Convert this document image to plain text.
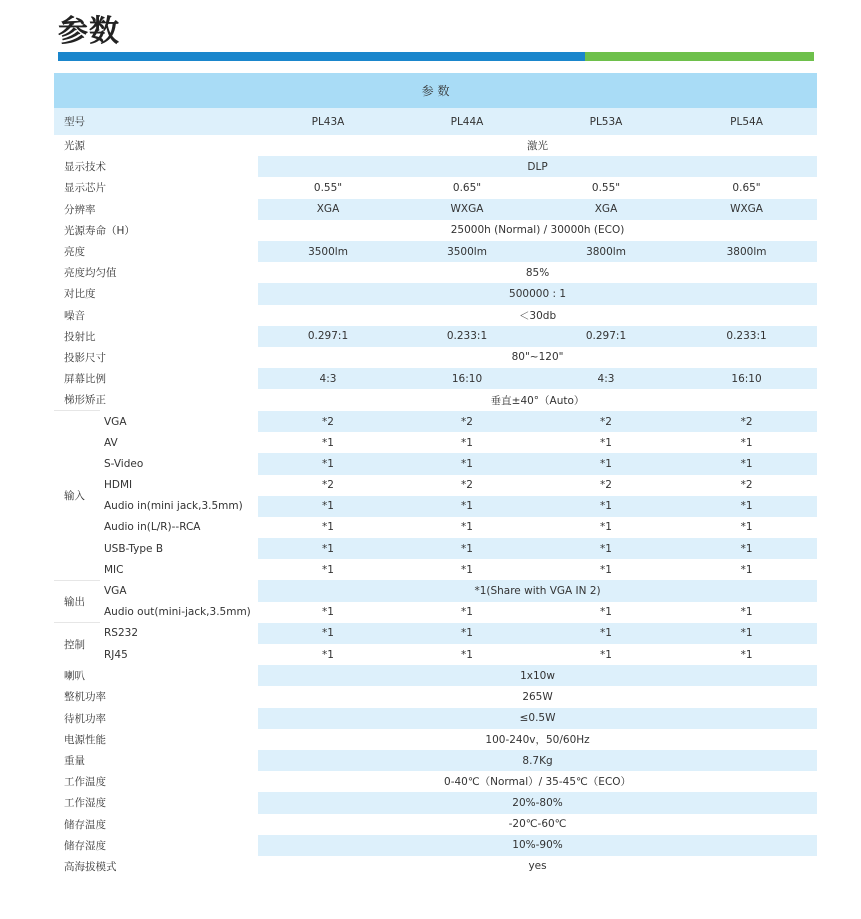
参数
参 数					
型号		PL43A	PL44A	PL53A	PL54A
光源		激光			
显示技术		DLP			
显示芯片		0.55"	0.65"	0.55"	0.65"
分辨率		XGA	WXGA	XGA	WXGA
光源寿命（H）		25000h (Normal) / 30000h (ECO)			
亮度		3500lm	3500lm	3800lm	3800lm
亮度均匀值		85%			
对比度		500000 : 1			
噪音		＜30db			
投射比		0.297:1	0.233:1	0.297:1	0.233:1
投影尺寸		80"~120"			
屏幕比例		4:3	16:10	4:3	16:10
梯形矫正		垂直±40°（Auto）			
输入	VGA	*2	*2	*2	*2
	AV	*1	*1	*1	*1
	S-Video	*1	*1	*1	*1
	HDMI	*2	*2	*2	*2
	Audio in(mini jack,3.5mm)	*1	*1	*1	*1
	Audio in(L/R)--RCA	*1	*1	*1	*1
	USB-Type B	*1	*1	*1	*1
	MIC	*1	*1	*1	*1
输出	VGA	*1(Share with VGA IN 2)			
	Audio out(mini-jack,3.5mm)	*1	*1	*1	*1
控制	RS232	*1	*1	*1	*1
	RJ45	*1	*1	*1	*1
喇叭		1x10w			
整机功率		265W			
待机功率		≤0.5W			
电源性能		100-240v，50/60Hz			
重量		8.7Kg			
工作温度		0-40℃（Normal）/ 35-45℃（ECO）			
工作湿度		20%-80%			
储存温度		-20℃-60℃			
储存湿度		10%-90%			
高海拔模式		yes			
